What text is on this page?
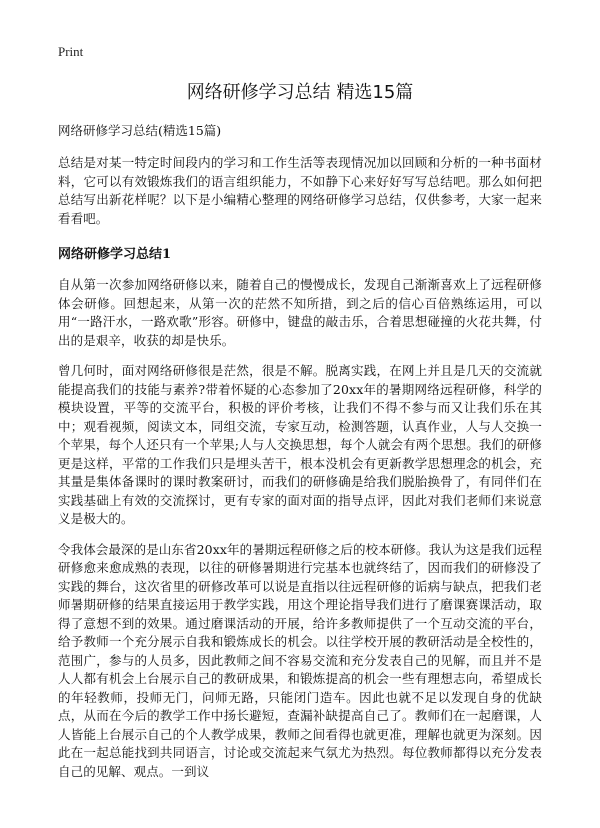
Print
网络研修学习总结 精选15篇
网络研修学习总结(精选15篇)

总结是对某一特定时间段内的学习和工作生活等表现情况加以回顾和分析的一种书面材料，它可以有效锻炼我们的语言组织能力，不如静下心来好好写写总结吧。那么如何把总结写出新花样呢？以下是小编精心整理的网络研修学习总结，仅供参考，大家一起来看看吧。

网络研修学习总结1

自从第一次参加网络研修以来，随着自己的慢慢成长，发现自己渐渐喜欢上了远程研修体会研修。回想起来，从第一次的茫然不知所措，到之后的信心百倍熟练运用，可以用“一路汗水，一路欢歌”形容。研修中，键盘的敲击乐，合着思想碰撞的火花共舞，付出的是艰辛，收获的却是快乐。

曾几何时，面对网络研修很是茫然，很是不解。脱离实践，在网上并且是几天的交流就能提高我们的技能与素养?带着怀疑的心态参加了20xx年的暑期网络远程研修，科学的模块设置，平等的交流平台，积极的评价考核，让我们不得不参与而又让我们乐在其中；观看视频，阅读文本，同组交流，专家互动，检测答题，认真作业，人与人交换一个苹果，每个人还只有一个苹果;人与人交换思想，每个人就会有两个思想。我们的研修更是这样，平常的工作我们只是埋头苦干，根本没机会有更新教学思想理念的机会，充其量是集体备课时的课时教案研讨，而我们的研修确是给我们脱胎换骨了，有同伴们在实践基础上有效的交流探讨，更有专家的面对面的指导点评，因此对我们老师们来说意义是极大的。

令我体会最深的是山东省20xx年的暑期远程研修之后的校本研修。我认为这是我们远程研修愈来愈成熟的表现，以往的研修暑期进行完基本也就终结了，因而我们的研修没了实践的舞台，这次省里的研修改革可以说是直指以往远程研修的诟病与缺点，把我们老师暑期研修的结果直接运用于教学实践，用这个理论指导我们进行了磨课赛课活动，取得了意想不到的效果。通过磨课活动的开展，给许多教师提供了一个互动交流的平台，给予教师一个充分展示自我和锻炼成长的机会。以往学校开展的教研活动是全校性的，范围广，参与的人员多，因此教师之间不容易交流和充分发表自己的见解，而且并不是人人都有机会上台展示自己的教研成果，和锻炼提高的机会一些有理想志向，希望成长的年轻教师，投师无门，问师无路，只能闭门造车。因此也就不足以发现自身的优缺点，从而在今后的教学工作中扬长避短，查漏补缺提高自己了。教师们在一起磨课，人人皆能上台展示自己的个人教学成果，教师之间看得也就更准，理解也就更为深刻。因此在一起总能找到共同语言，讨论或交流起来气氛尤为热烈。每位教师都得以充分发表自己的见解、观点。一到议
